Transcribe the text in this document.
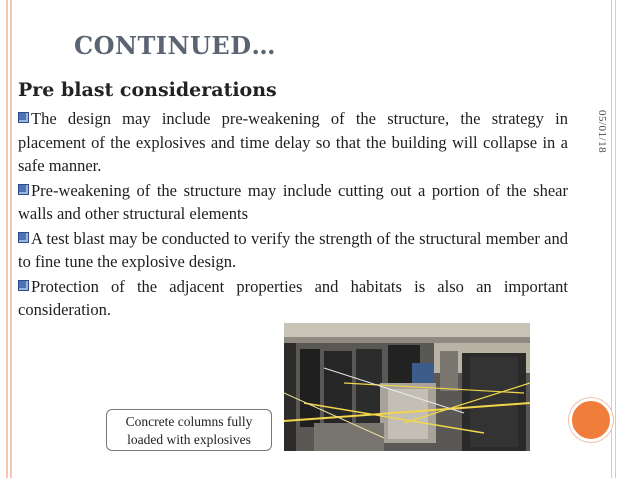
05/01/18
CONTINUED…
Pre blast considerations
The design may include pre-weakening of the structure, the strategy in placement of the explosives and time delay so that the building will collapse in a safe manner.
Pre-weakening of the structure may include cutting out a portion of the shear walls and other structural elements
A test blast may be conducted to verify the strength of the structural member and to fine tune the explosive design.
Protection of the adjacent properties and habitats is also an important consideration.
Concrete columns fully
loaded with explosives
